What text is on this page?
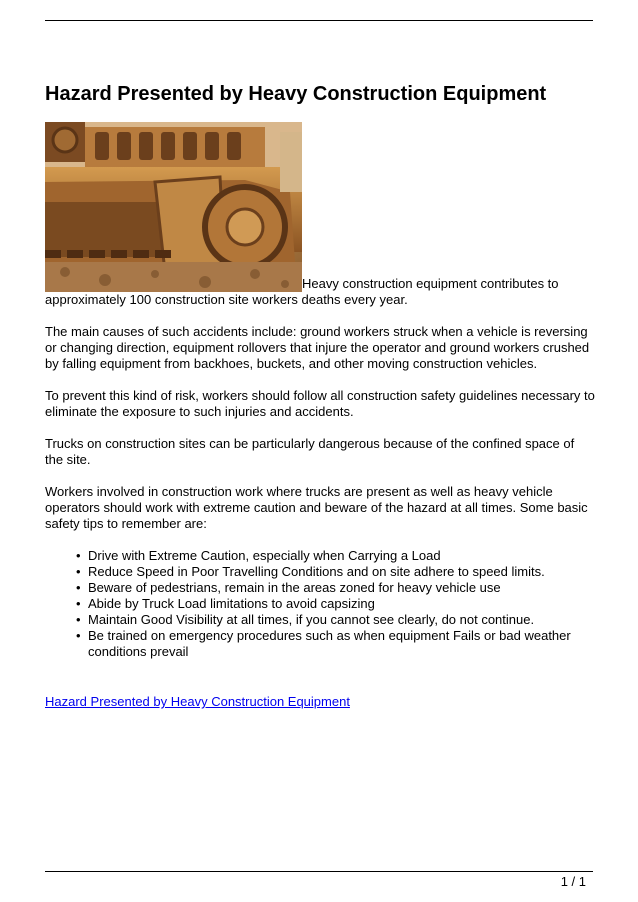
Hazard Presented by Heavy Construction Equipment

Heavy construction equipment contributes to approximately 100 construction site workers deaths every year.

The main causes of such accidents include: ground workers struck when a vehicle is reversing or changing direction, equipment rollovers that injure the operator and ground workers crushed by falling equipment from backhoes, buckets, and other moving construction vehicles.

To prevent this kind of risk, workers should follow all construction safety guidelines necessary to eliminate the exposure to such injuries and accidents.

Trucks on construction sites can be particularly dangerous because of the confined space of the site.

Workers involved in construction work where trucks are present as well as heavy vehicle operators should work with extreme caution and beware of the hazard at all times. Some basic safety tips to remember are:

• Drive with Extreme Caution, especially when Carrying a Load
• Reduce Speed in Poor Travelling Conditions and on site adhere to speed limits.
• Beware of pedestrians, remain in the areas zoned for heavy vehicle use
• Abide by Truck Load limitations to avoid capsizing
• Maintain Good Visibility at all times, if you cannot see clearly, do not continue.
• Be trained on emergency procedures such as when equipment Fails or bad weather conditions prevail
Hazard Presented by Heavy Construction Equipment
1 / 1
